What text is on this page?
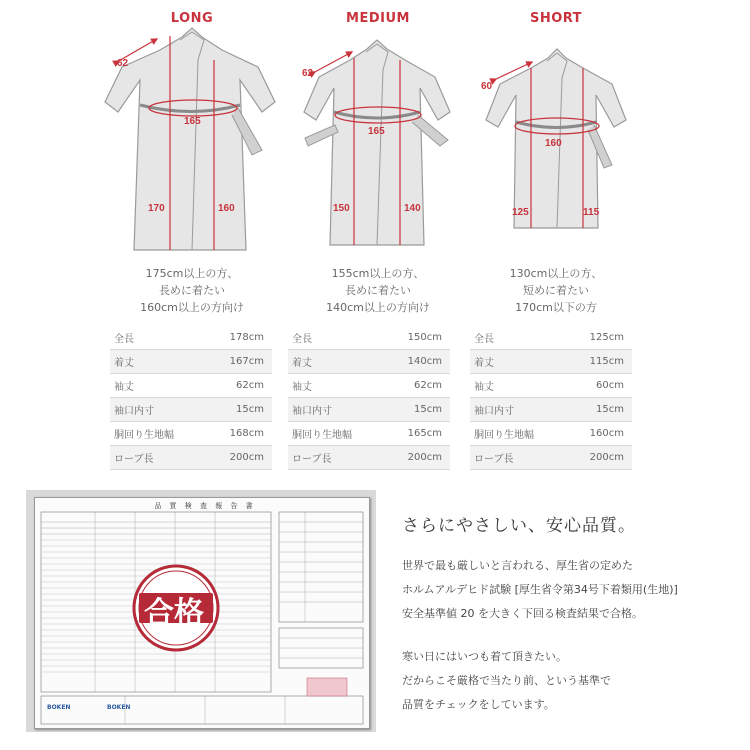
LONG	MEDIUM	SHORT
62
165
170	160
62
165
150	140
60
160
125	115
175cm以上の方、
長めに着たい
160cm以上の方向け
155cm以上の方、
長めに着たい
140cm以上の方向け
130cm以上の方、
短めに着たい
170cm以下の方
全長	178cm
着丈	167cm
袖丈	62cm
袖口内寸	15cm
胴回り生地幅	168cm
ローブ長	200cm
全長	150cm
着丈	140cm
袖丈	62cm
袖口内寸	15cm
胴回り生地幅	165cm
ローブ長	200cm
全長	125cm
着丈	115cm
袖丈	60cm
袖口内寸	15cm
胴回り生地幅	160cm
ローブ長	200cm
品 質 検 査 報 告 書
合格
BOKEN	BOKEN
さらにやさしい、安心品質。
世界で最も厳しいと言われる、厚生省の定めた
ホルムアルデヒド試験 [厚生省令第34号下着類用(生地)]
安全基準値 20 を大きく下回る検査結果で合格。
寒い日にはいつも着て頂きたい。
だからこそ厳格で当たり前、という基準で
品質をチェックをしています。
